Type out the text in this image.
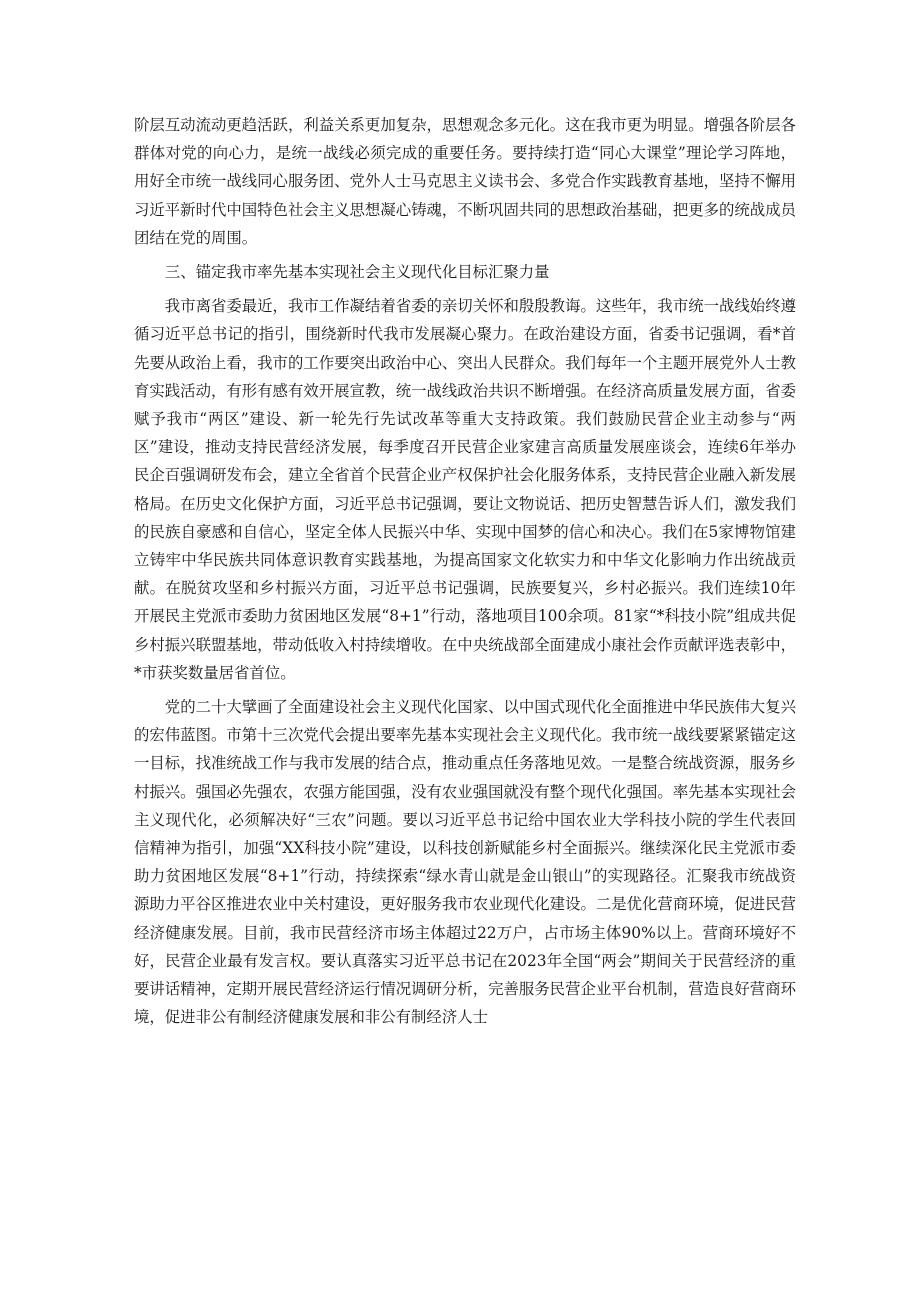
阶层互动流动更趋活跃，利益关系更加复杂，思想观念多元化。这在我市更为明显。增强各阶层各群体对党的向心力，是统一战线必须完成的重要任务。要持续打造“同心大课堂”理论学习阵地，用好全市统一战线同心服务团、党外人士马克思主义读书会、多党合作实践教育基地，坚持不懈用习近平新时代中国特色社会主义思想凝心铸魂，不断巩固共同的思想政治基础，把更多的统战成员团结在党的周围。

三、锚定我市率先基本实现社会主义现代化目标汇聚力量

我市离省委最近，我市工作凝结着省委的亲切关怀和殷殷教诲。这些年，我市统一战线始终遵循习近平总书记的指引，围绕新时代我市发展凝心聚力。在政治建设方面，省委书记强调，看*首先要从政治上看，我市的工作要突出政治中心、突出人民群众。我们每年一个主题开展党外人士教育实践活动，有形有感有效开展宣教，统一战线政治共识不断增强。在经济高质量发展方面，省委赋予我市“两区”建设、新一轮先行先试改革等重大支持政策。我们鼓励民营企业主动参与“两区”建设，推动支持民营经济发展，每季度召开民营企业家建言高质量发展座谈会，连续6年举办民企百强调研发布会，建立全省首个民营企业产权保护社会化服务体系，支持民营企业融入新发展格局。在历史文化保护方面，习近平总书记强调，要让文物说话、把历史智慧告诉人们，激发我们的民族自豪感和自信心，坚定全体人民振兴中华、实现中国梦的信心和决心。我们在5家博物馆建立铸牢中华民族共同体意识教育实践基地，为提高国家文化软实力和中华文化影响力作出统战贡献。在脱贫攻坚和乡村振兴方面，习近平总书记强调，民族要复兴，乡村必振兴。我们连续10年开展民主党派市委助力贫困地区发展“8+1”行动，落地项目100余项。81家“*科技小院”组成共促乡村振兴联盟基地，带动低收入村持续增收。在中央统战部全面建成小康社会作贡献评选表彰中，*市获奖数量居省首位。

党的二十大擘画了全面建设社会主义现代化国家、以中国式现代化全面推进中华民族伟大复兴的宏伟蓝图。市第十三次党代会提出要率先基本实现社会主义现代化。我市统一战线要紧紧锚定这一目标，找准统战工作与我市发展的结合点，推动重点任务落地见效。一是整合统战资源，服务乡村振兴。强国必先强农，农强方能国强，没有农业强国就没有整个现代化强国。率先基本实现社会主义现代化，必须解决好“三农”问题。要以习近平总书记给中国农业大学科技小院的学生代表回信精神为指引，加强“XX科技小院”建设，以科技创新赋能乡村全面振兴。继续深化民主党派市委助力贫困地区发展“8+1”行动，持续探索“绿水青山就是金山银山”的实现路径。汇聚我市统战资源助力平谷区推进农业中关村建设，更好服务我市农业现代化建设。二是优化营商环境，促进民营经济健康发展。目前，我市民营经济市场主体超过22万户，占市场主体90%以上。营商环境好不好，民营企业最有发言权。要认真落实习近平总书记在2023年全国“两会”期间关于民营经济的重要讲话精神，定期开展民营经济运行情况调研分析，完善服务民营企业平台机制，营造良好营商环境，促进非公有制经济健康发展和非公有制经济人士
